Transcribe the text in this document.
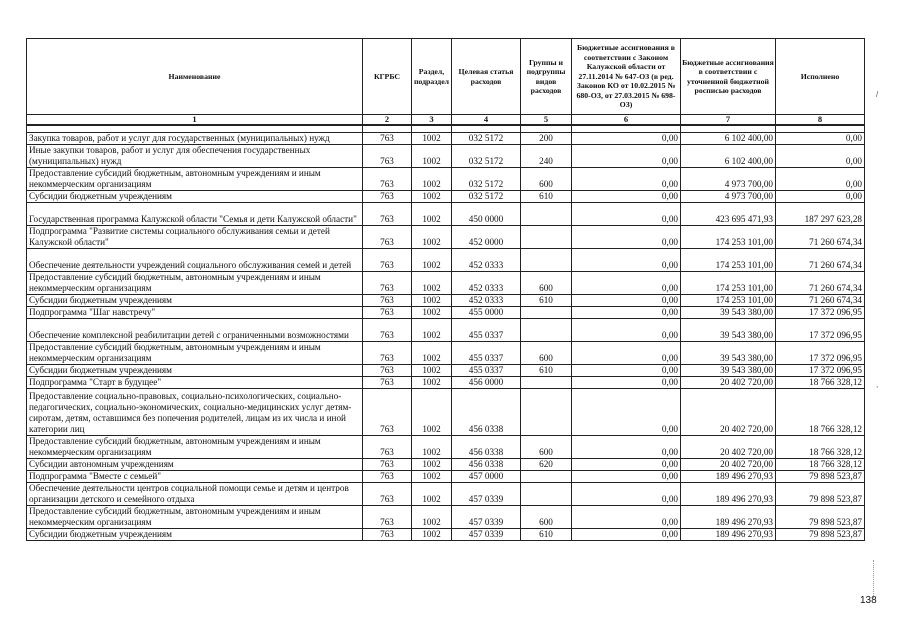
Наименование	КГРБС	Раздел, подраздел	Целевая статья расходов	Группы и подгруппы видов расходов	Бюджетные ассигнования в соответствии с Законом Калужской области от 27.11.2014 № 647-ОЗ (в ред. Законов КО от 10.02.2015 № 680-ОЗ, от 27.03.2015 № 698-ОЗ)	Бюджетные ассигнования в соответствии с уточненной бюджетной росписью расходов	Исполнено
1	2	3	4	5	6	7	8

Закупка товаров, работ и услуг для государственных (муниципальных) нужд	763	1002	032 5172	200	0,00	6 102 400,00	0,00
Иные закупки товаров, работ и услуг для обеспечения государственных (муниципальных) нужд	763	1002	032 5172	240	0,00	6 102 400,00	0,00
Предоставление субсидий бюджетным, автономным учреждениям и иным некоммерческим организациям	763	1002	032 5172	600	0,00	4 973 700,00	0,00
Субсидии бюджетным учреждениям	763	1002	032 5172	610	0,00	4 973 700,00	0,00
Государственная программа Калужской области "Семья и дети Калужской области"	763	1002	450 0000		0,00	423 695 471,93	187 297 623,28
Подпрограмма "Развитие системы социального обслуживания семьи и детей Калужской области"	763	1002	452 0000		0,00	174 253 101,00	71 260 674,34
Обеспечение деятельности учреждений социального обслуживания семей и детей	763	1002	452 0333		0,00	174 253 101,00	71 260 674,34
Предоставление субсидий бюджетным, автономным учреждениям и иным некоммерческим организациям	763	1002	452 0333	600	0,00	174 253 101,00	71 260 674,34
Субсидии бюджетным учреждениям	763	1002	452 0333	610	0,00	174 253 101,00	71 260 674,34
Подпрограмма "Шаг навстречу"	763	1002	455 0000		0,00	39 543 380,00	17 372 096,95
Обеспечение комплексной реабилитации детей с ограниченными возможностями	763	1002	455 0337		0,00	39 543 380,00	17 372 096,95
Предоставление субсидий бюджетным, автономным учреждениям и иным некоммерческим организациям	763	1002	455 0337	600	0,00	39 543 380,00	17 372 096,95
Субсидии бюджетным учреждениям	763	1002	455 0337	610	0,00	39 543 380,00	17 372 096,95
Подпрограмма "Старт в будущее"	763	1002	456 0000		0,00	20 402 720,00	18 766 328,12
Предоставление социально-правовых, социально-психологических, социально-педагогических, социально-экономических, социально-медицинских услуг детям-сиротам, детям, оставшимся без попечения родителей, лицам из их числа и иной категории лиц	763	1002	456 0338		0,00	20 402 720,00	18 766 328,12
Предоставление субсидий бюджетным, автономным учреждениям и иным некоммерческим организациям	763	1002	456 0338	600	0,00	20 402 720,00	18 766 328,12
Субсидии автономным учреждениям	763	1002	456 0338	620	0,00	20 402 720,00	18 766 328,12
Подпрограмма "Вместе с семьей"	763	1002	457 0000		0,00	189 496 270,93	79 898 523,87
Обеспечение деятельности центров социальной помощи семье и детям и центров организации детского и семейного отдыха	763	1002	457 0339		0,00	189 496 270,93	79 898 523,87
Предоставление субсидий бюджетным, автономным учреждениям и иным некоммерческим организациям	763	1002	457 0339	600	0,00	189 496 270,93	79 898 523,87
Субсидии бюджетным учреждениям	763	1002	457 0339	610	0,00	189 496 270,93	79 898 523,87
/
,
138
